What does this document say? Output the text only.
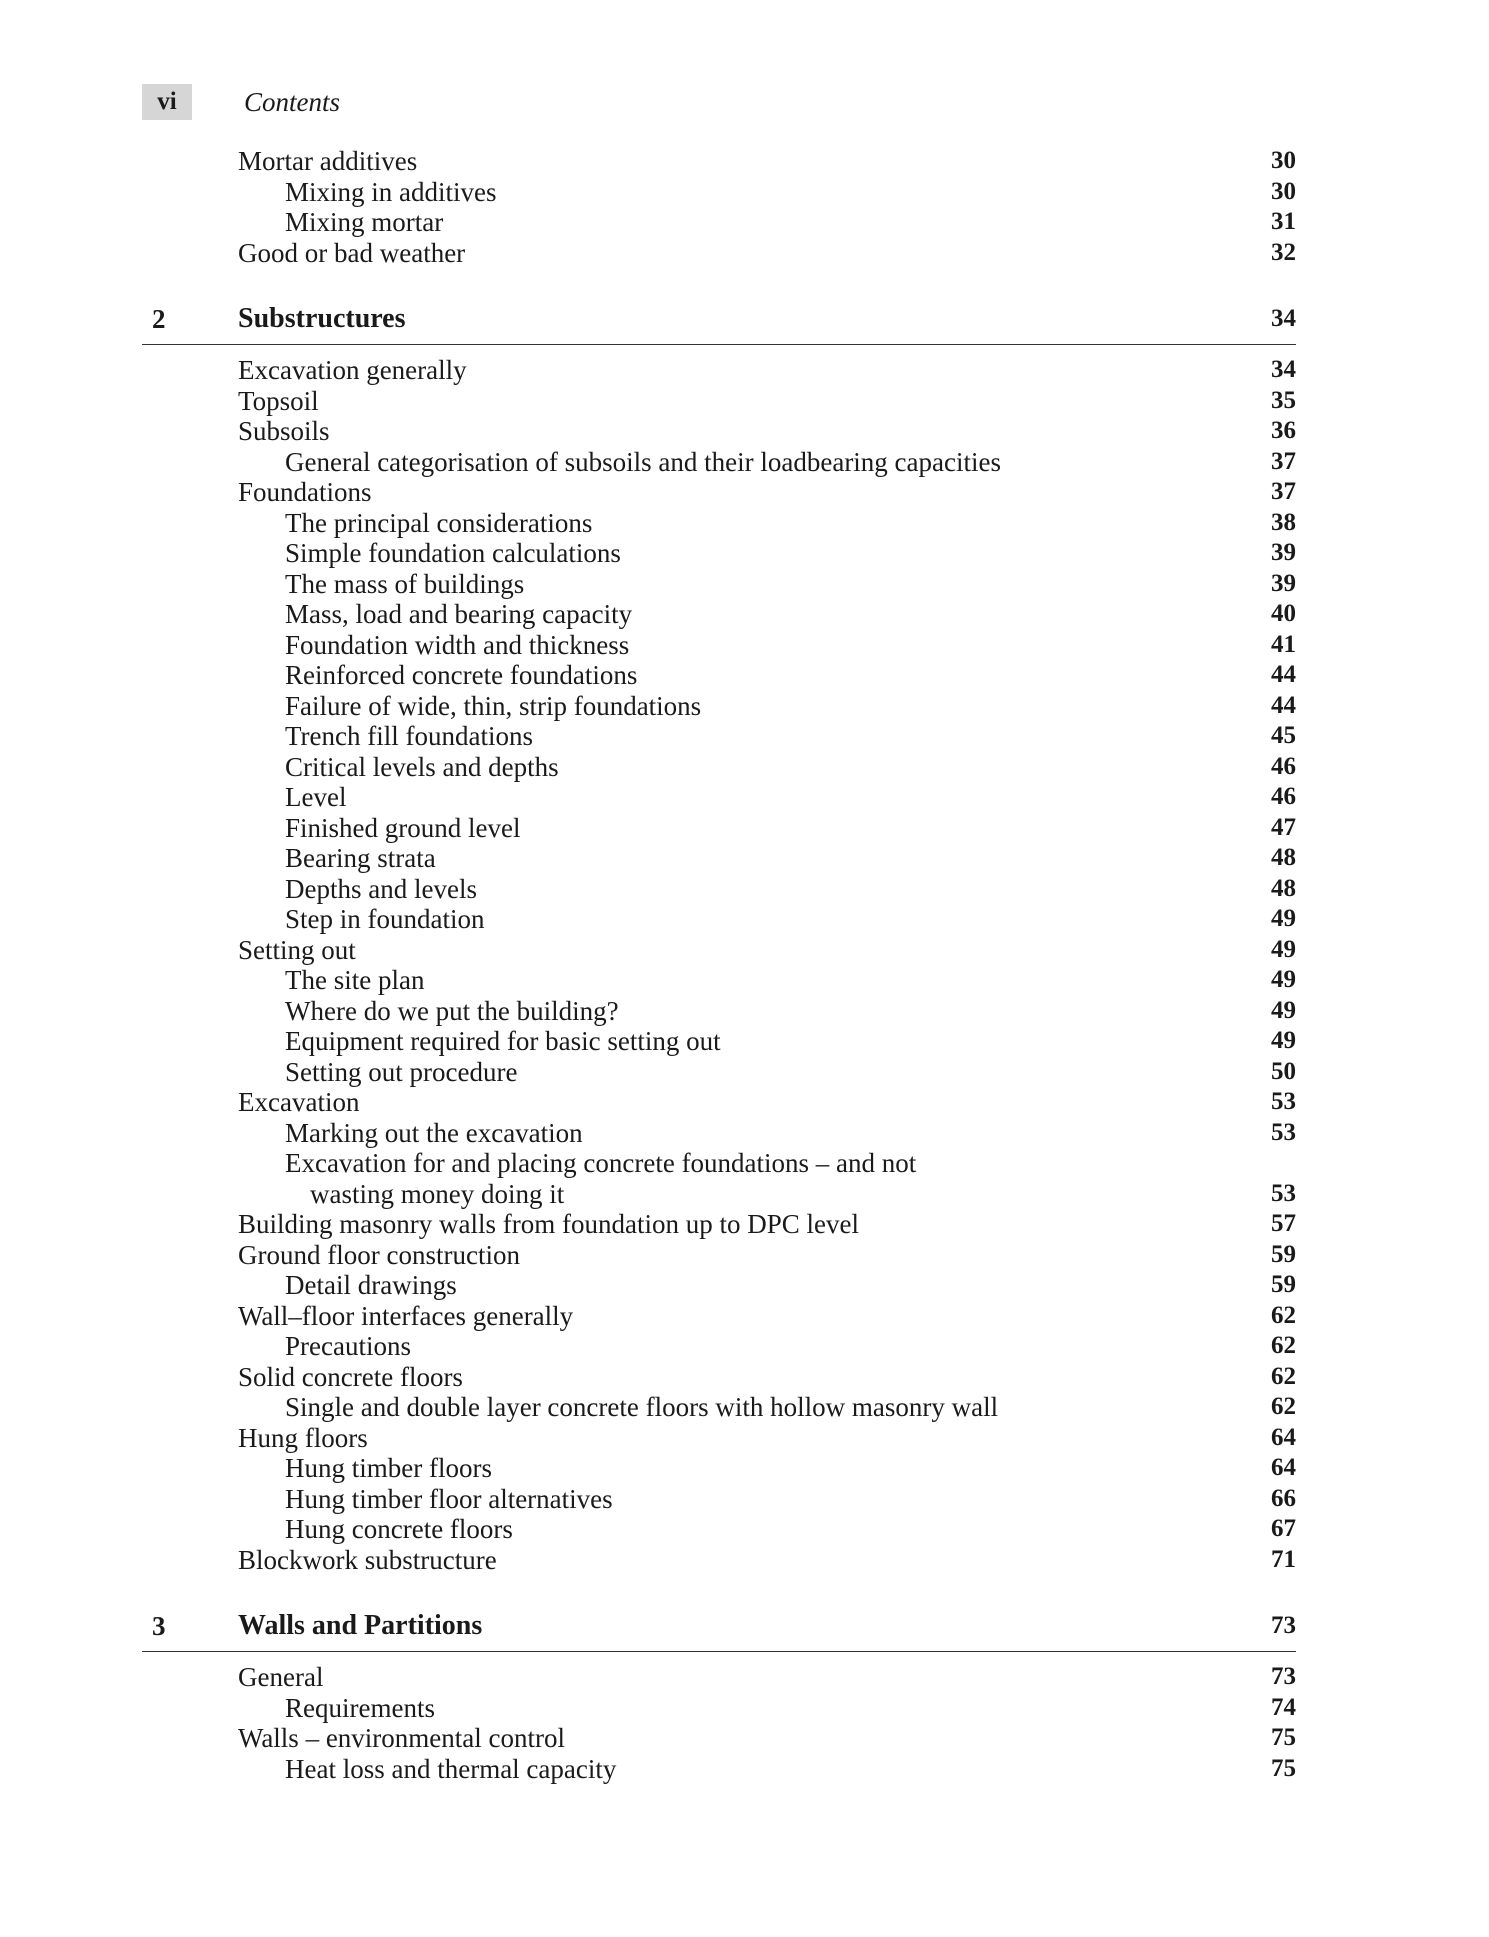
vi	Contents
Mortar additives	30
Mixing in additives	30
Mixing mortar	31
Good or bad weather	32
2	Substructures	34
Excavation generally	34
Topsoil	35
Subsoils	36
General categorisation of subsoils and their loadbearing capacities	37
Foundations	37
The principal considerations	38
Simple foundation calculations	39
The mass of buildings	39
Mass, load and bearing capacity	40
Foundation width and thickness	41
Reinforced concrete foundations	44
Failure of wide, thin, strip foundations	44
Trench fill foundations	45
Critical levels and depths	46
Level	46
Finished ground level	47
Bearing strata	48
Depths and levels	48
Step in foundation	49
Setting out	49
The site plan	49
Where do we put the building?	49
Equipment required for basic setting out	49
Setting out procedure	50
Excavation	53
Marking out the excavation	53
Excavation for and placing concrete foundations – and not
wasting money doing it	53
Building masonry walls from foundation up to DPC level	57
Ground floor construction	59
Detail drawings	59
Wall–floor interfaces generally	62
Precautions	62
Solid concrete floors	62
Single and double layer concrete floors with hollow masonry wall	62
Hung floors	64
Hung timber floors	64
Hung timber floor alternatives	66
Hung concrete floors	67
Blockwork substructure	71
3	Walls and Partitions	73
General	73
Requirements	74
Walls – environmental control	75
Heat loss and thermal capacity	75
